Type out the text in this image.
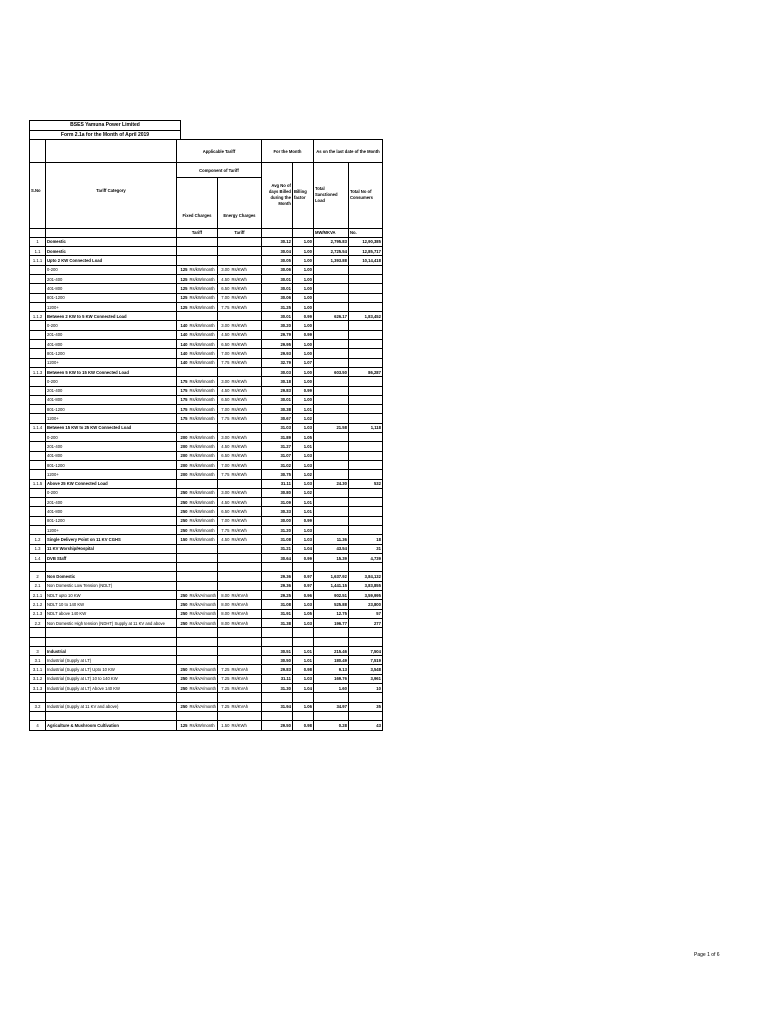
BSES Yamuna Power Limited
Form 2.1a for the Month of April 2019
		Applicable Tariff				For the Month		As on the last date of the Month	
		Component of Tariff				Avg No of days Billed during the Month	Billing factor	Total Sanctioned Load	Total No of Consumers
S.No	Tariff Category								
		Fixed Charges		Energy Charges					
		Tariff		Tariff				MW/MKVA	No.
1	Domestic					30.12	1.00	2,795.83	12,90,385
1.1	Domestic					30.04	1.00	2,725.54	12,85,717
1.1.1	Upto 2 KW Connected Load					30.05	1.00	1,393.88	10,14,418
	0-200	125	Rs/kW/month	3.00	Rs/KWh	30.06	1.00		
	201-400	125	Rs/kW/month	4.50	Rs/KWh	30.01	1.00		
	401-800	125	Rs/kW/month	6.50	Rs/KWh	30.01	1.00		
	801-1200	125	Rs/kW/month	7.00	Rs/KWh	30.06	1.00		
	1200+	125	Rs/kW/month	7.75	Rs/KWh	31.25	1.00		
1.1.2	Between 2 KW to 5 KW Connected Load					30.01	0.99	626.17	1,83,452
	0-200	140	Rs/kW/month	3.00	Rs/KWh	30.20	1.00		
	201-400	140	Rs/kW/month	4.50	Rs/KWh	29.79	0.99		
	401-800	140	Rs/kW/month	6.50	Rs/KWh	29.95	1.00		
	801-1200	140	Rs/kW/month	7.00	Rs/KWh	29.93	1.00		
	1200+	140	Rs/kW/month	7.75	Rs/KWh	32.79	1.07		
1.1.3	Between 5 KW to 15 KW Connected Load					30.03	1.00	603.50	86,287
	0-200	175	Rs/kW/month	3.00	Rs/KWh	30.18	1.00		
	201-400	175	Rs/kW/month	4.50	Rs/KWh	29.83	0.99		
	401-800	175	Rs/kW/month	6.50	Rs/KWh	30.01	1.00		
	801-1200	175	Rs/kW/month	7.00	Rs/KWh	30.38	1.01		
	1200+	175	Rs/kW/month	7.75	Rs/KWh	30.67	1.02		
1.1.4	Between 15 KW to 25 KW Connected Load					31.03	1.03	21.58	1,118
	0-200	200	Rs/kW/month	3.00	Rs/KWh	31.89	1.05		
	201-400	200	Rs/kW/month	4.50	Rs/KWh	31.27	1.01		
	401-800	200	Rs/kW/month	6.50	Rs/KWh	31.07	1.03		
	801-1200	200	Rs/kW/month	7.00	Rs/KWh	31.02	1.03		
	1200+	200	Rs/kW/month	7.75	Rs/KWh	30.75	1.02		
1.1.5	Above 25 KW Connected Load					31.11	1.03	24.30	532
	0-200	250	Rs/kW/month	3.00	Rs/KWh	30.80	1.02		
	201-400	250	Rs/kW/month	4.50	Rs/KWh	31.09	1.01		
	401-800	250	Rs/kW/month	6.50	Rs/KWh	30.33	1.01		
	801-1200	250	Rs/kW/month	7.00	Rs/KWh	30.00	0.99		
	1200+	250	Rs/kW/month	7.75	Rs/KWh	31.20	1.03		
1.2	Single Delivery Point on 11 KV CGHS	150	Rs/kW/month	4.50	Rs/KWh	31.08	1.03	11.36	18
1.3	11 KV Worship/Hospital					31.21	1.04	43.54	31
1.4	DVB Staff					30.64	0.99	15.39	4,739

2	Non Domestic					29.36	0.97	1,637.92	3,84,132
2.1	Non Domestic Low Tension (NDLT)					29.36	0.97	1,441.15	3,83,855
2.1.1	NDLT upto 10 KW	250	Rs/kVA/month	8.00	Rs/KVAh	29.25	0.96	902.51	3,59,995
2.1.2	NDLT 10 to 140 KW	250	Rs/kVA/month	8.00	Rs/KVAh	31.08	1.03	525.88	23,800
2.1.3	NDLT above 140 KW	250	Rs/kVA/month	8.00	Rs/KVAh	31.91	1.05	12.75	57
2.2	Non Domestic High tension (NDHT) Supply at 11 KV and above	250	Rs/kVA/month	8.00	Rs/KVAh	31.38	1.03	196.77	277

3	Industrial					30.51	1.01	215.46	7,504
3.1	Industrial (Supply at LT)					30.50	1.01	180.49	7,519
3.1.1	Industrial (Supply at LT) Upto 10 KW	250	Rs/kVA/month	7.25	Rs/KVAh	29.83	0.98	9.13	3,548
3.1.2	Industrial (Supply at LT) 10 to 140 KW	250	Rs/kVA/month	7.25	Rs/KVAh	31.11	1.03	169.76	3,961
3.1.3	Industrial (Supply at LT) Above 140 KW	250	Rs/kVA/month	7.25	Rs/KVAh	31.30	1.04	1.60	10

3.2	Industrial (Supply at 11 KV and above)	250	Rs/kVA/month	7.25	Rs/KVAh	31.94	1.06	34.97	35

4	Agriculture & Mushroom Cultivation	125	Rs/kW/month	1.50	Rs/KWh	29.50	0.98	0.28	43
Page 1 of 6
